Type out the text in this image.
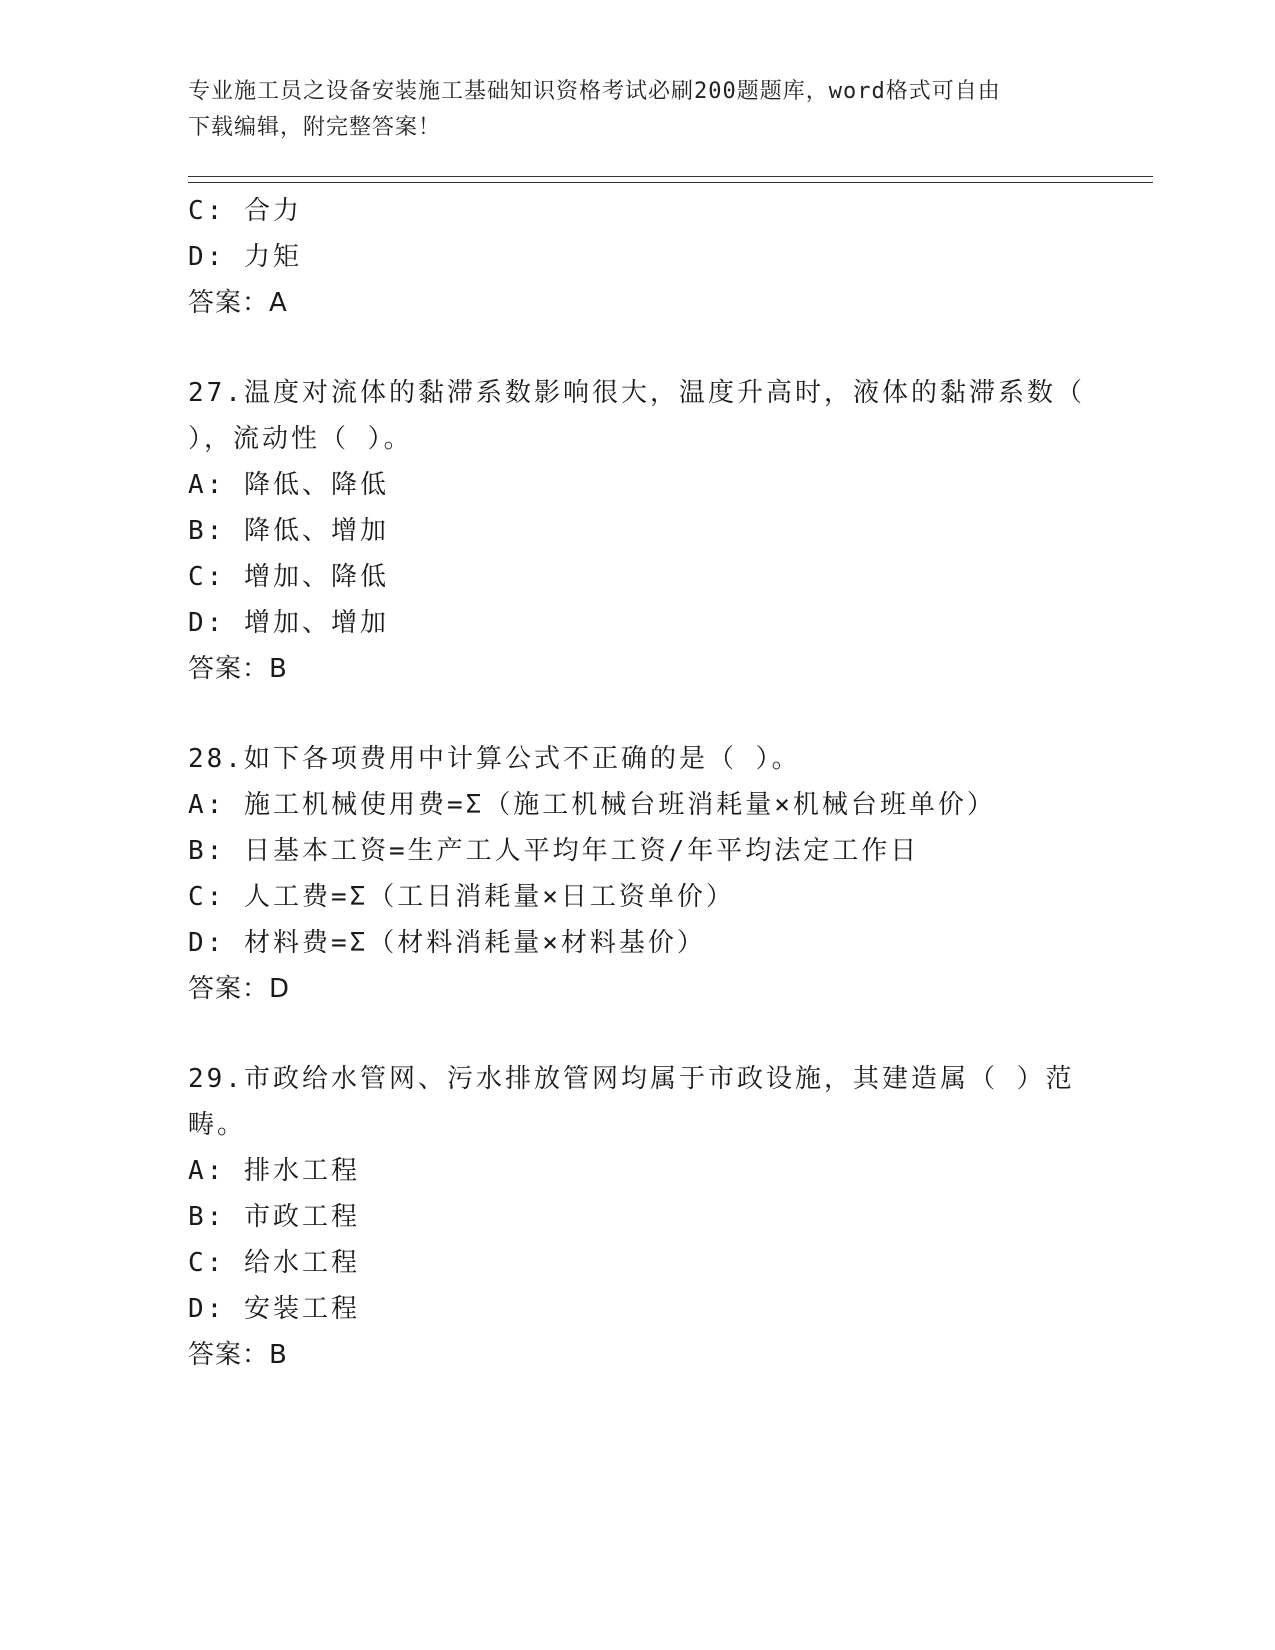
专业施工员之设备安装施工基础知识资格考试必刷200题题库，word格式可自由
下载编辑，附完整答案！
C: 合力
D: 力矩
答案：A
27.温度对流体的黏滞系数影响很大，温度升高时，液体的黏滞系数（
），流动性（ ）。
A: 降低、降低
B: 降低、增加
C: 增加、降低
D: 增加、增加
答案：B
28.如下各项费用中计算公式不正确的是（ ）。
A: 施工机械使用费=Σ（施工机械台班消耗量×机械台班单价）
B: 日基本工资=生产工人平均年工资/年平均法定工作日
C: 人工费=Σ（工日消耗量×日工资单价）
D: 材料费=Σ（材料消耗量×材料基价）
答案：D
29.市政给水管网、污水排放管网均属于市政设施，其建造属（ ）范
畴。
A: 排水工程
B: 市政工程
C: 给水工程
D: 安装工程
答案：B
